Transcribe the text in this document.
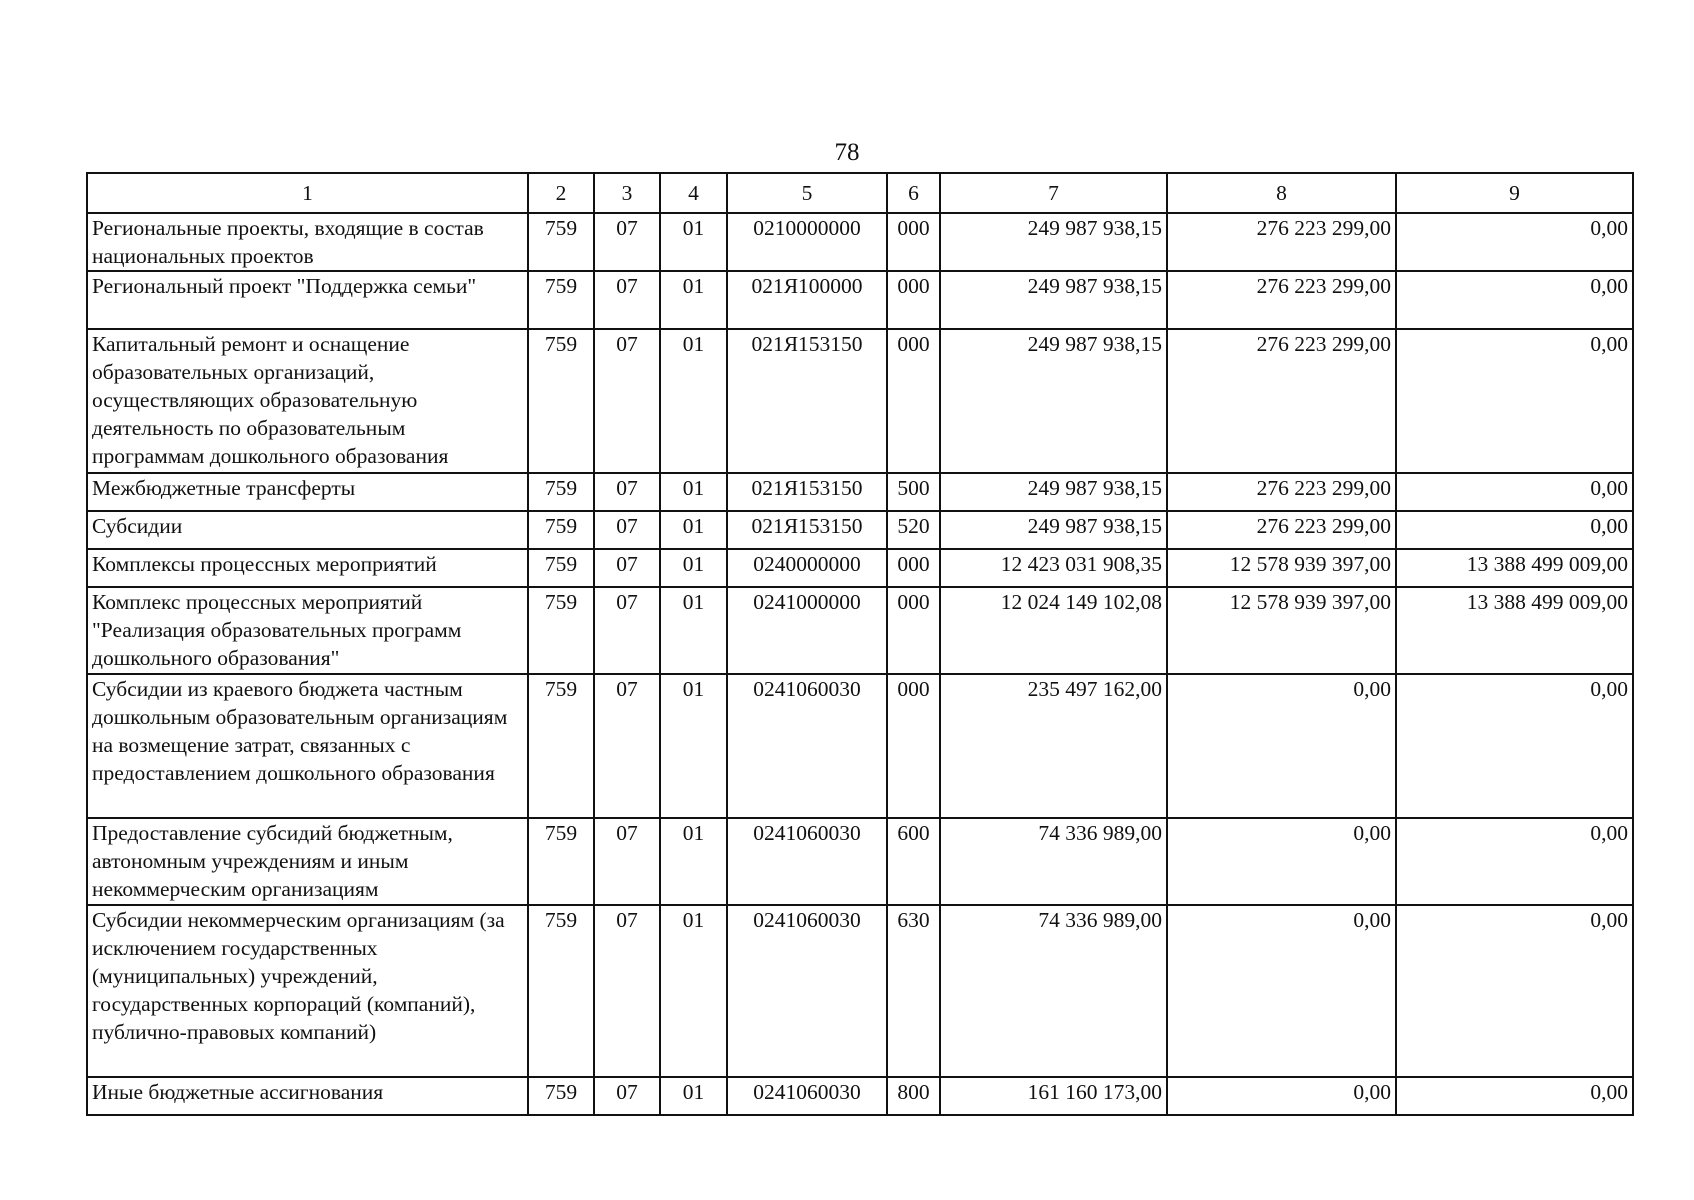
78
1	2	3	4	5	6	7	8	9
Региональные проекты, входящие в состав национальных проектов	759	07	01	0210000000	000	249 987 938,15	276 223 299,00	0,00
Региональный проект "Поддержка семьи"	759	07	01	021Я100000	000	249 987 938,15	276 223 299,00	0,00
Капитальный ремонт и оснащение образовательных организаций, осуществляющих образовательную деятельность по образовательным программам дошкольного образования	759	07	01	021Я153150	000	249 987 938,15	276 223 299,00	0,00
Межбюджетные трансферты	759	07	01	021Я153150	500	249 987 938,15	276 223 299,00	0,00
Субсидии	759	07	01	021Я153150	520	249 987 938,15	276 223 299,00	0,00
Комплексы процессных мероприятий	759	07	01	0240000000	000	12 423 031 908,35	12 578 939 397,00	13 388 499 009,00
Комплекс процессных мероприятий "Реализация образовательных программ дошкольного образования"	759	07	01	0241000000	000	12 024 149 102,08	12 578 939 397,00	13 388 499 009,00
Субсидии из краевого бюджета частным дошкольным образовательным организациям на возмещение затрат, связанных с предоставлением дошкольного образования	759	07	01	0241060030	000	235 497 162,00	0,00	0,00
Предоставление субсидий бюджетным, автономным учреждениям и иным некоммерческим организациям	759	07	01	0241060030	600	74 336 989,00	0,00	0,00
Субсидии некоммерческим организациям (за исключением государственных (муниципальных) учреждений, государственных корпораций (компаний), публично-правовых компаний)	759	07	01	0241060030	630	74 336 989,00	0,00	0,00
Иные бюджетные ассигнования	759	07	01	0241060030	800	161 160 173,00	0,00	0,00
